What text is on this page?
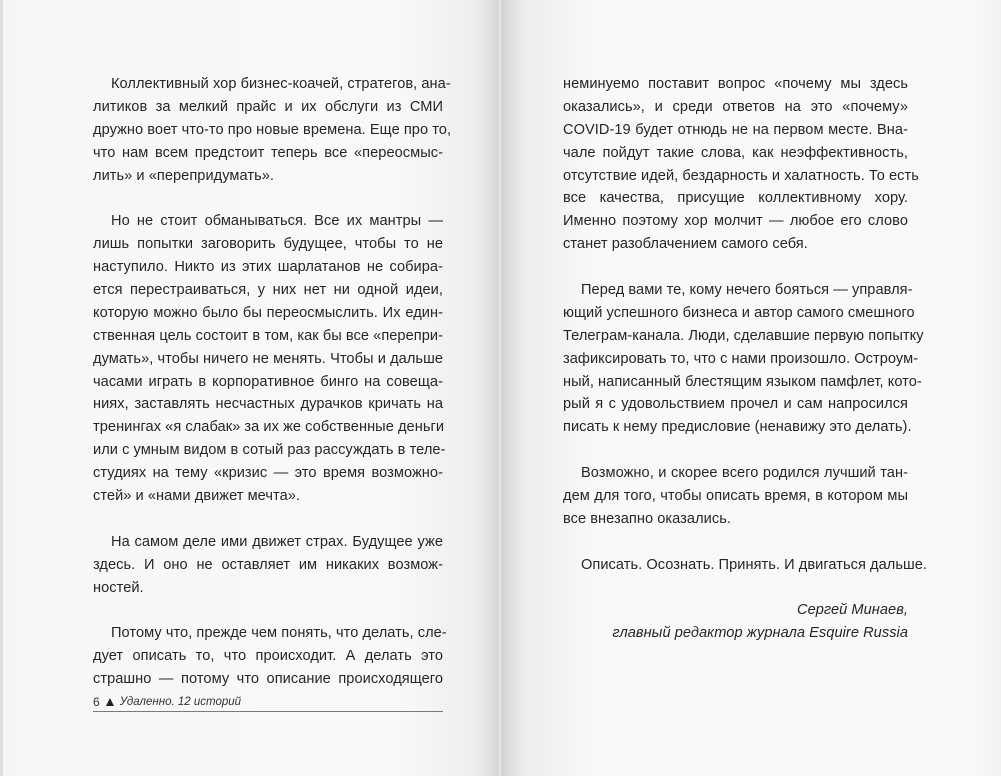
Коллективный хор бизнес-коачей, стратегов, ана-
литиков за мелкий прайс и их обслуги из СМИ
дружно воет что-то про новые времена. Еще про то,
что нам всем предстоит теперь все «переосмыс-
лить» и «перепридумать».
Но не стоит обманываться. Все их мантры —
лишь попытки заговорить будущее, чтобы то не
наступило. Никто из этих шарлатанов не собира-
ется перестраиваться, у них нет ни одной идеи,
которую можно было бы переосмыслить. Их един-
ственная цель состоит в том, как бы все «перепри-
думать», чтобы ничего не менять. Чтобы и дальше
часами играть в корпоративное бинго на совеща-
ниях, заставлять несчастных дурачков кричать на
тренингах «я слабак» за их же собственные деньги
или с умным видом в сотый раз рассуждать в теле-
студиях на тему «кризис — это время возможно-
стей» и «нами движет мечта».
На самом деле ими движет страх. Будущее уже
здесь. И оно не оставляет им никаких возмож-
ностей.
Потому что, прежде чем понять, что делать, сле-
дует описать то, что происходит. А делать это
страшно — потому что описание происходящего
6 Удаленно. 12 историй
неминуемо поставит вопрос «почему мы здесь
оказались», и среди ответов на это «почему»
COVID-19 будет отнюдь не на первом месте. Вна-
чале пойдут такие слова, как неэффективность,
отсутствие идей, бездарность и халатность. То есть
все качества, присущие коллективному хору.
Именно поэтому хор молчит — любое его слово
станет разоблачением самого себя.
Перед вами те, кому нечего бояться — управля-
ющий успешного бизнеса и автор самого смешного
Телеграм-канала. Люди, сделавшие первую попытку
зафиксировать то, что с нами произошло. Остроум-
ный, написанный блестящим языком памфлет, кото-
рый я с удовольствием прочел и сам напросился
писать к нему предисловие (ненавижу это делать).
Возможно, и скорее всего родился лучший тан-
дем для того, чтобы описать время, в котором мы
все внезапно оказались.
Описать. Осознать. Принять. И двигаться дальше.
Сергей Минаев,
главный редактор журнала Esquire Russia
